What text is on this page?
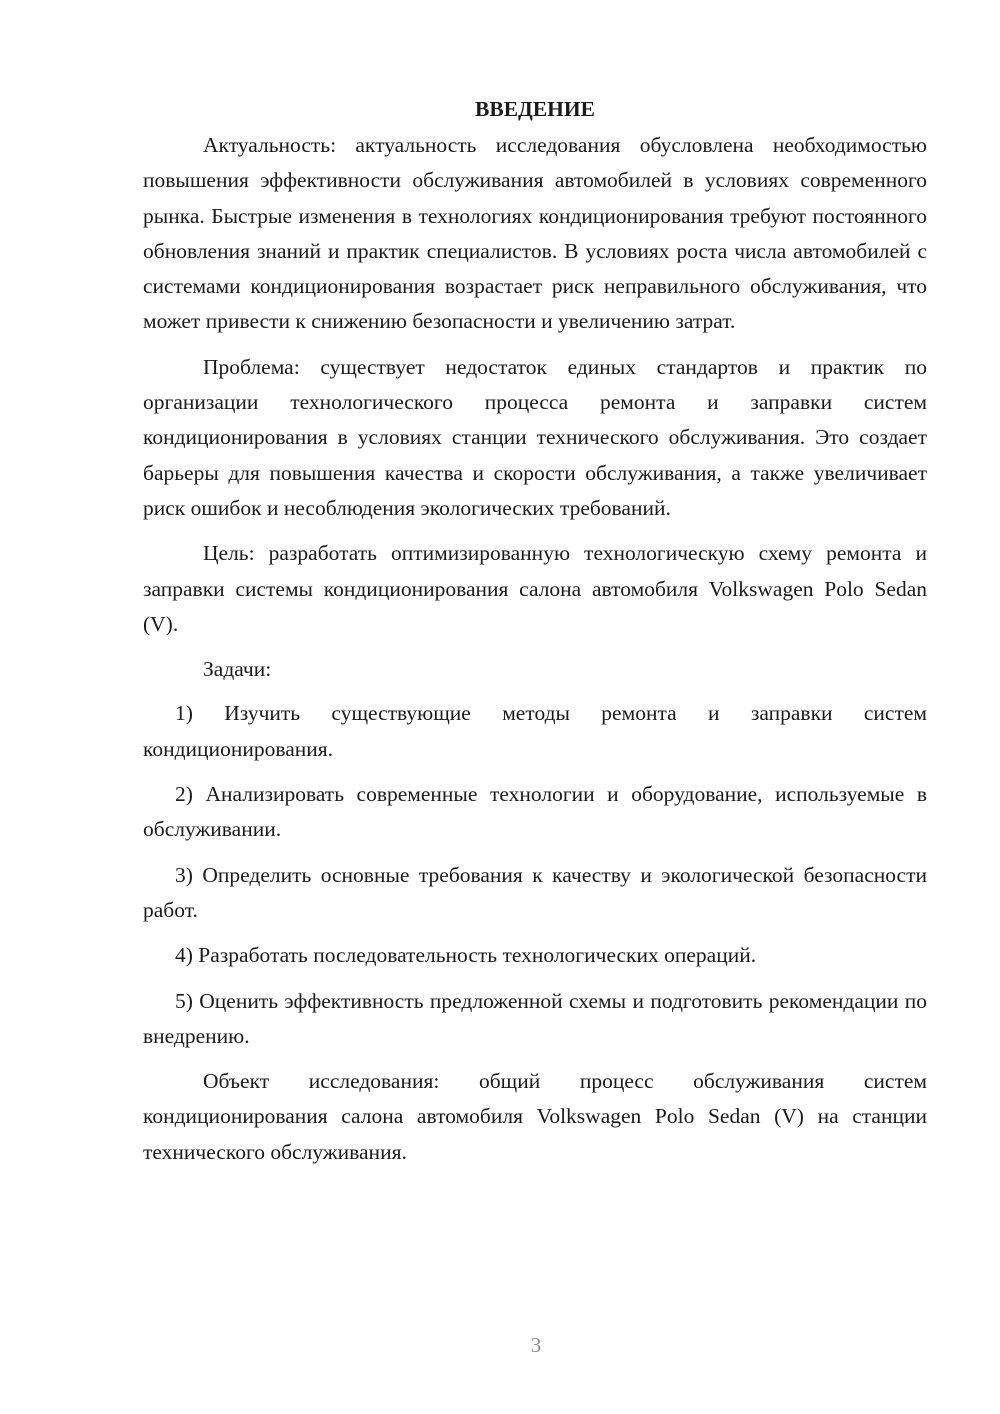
ВВЕДЕНИЕ

Актуальность: актуальность исследования обусловлена необходимостью повышения эффективности обслуживания автомобилей в условиях современного рынка. Быстрые изменения в технологиях кондиционирования требуют постоянного обновления знаний и практик специалистов. В условиях роста числа автомобилей с системами кондиционирования возрастает риск неправильного обслуживания, что может привести к снижению безопасности и увеличению затрат.

Проблема: существует недостаток единых стандартов и практик по организации технологического процесса ремонта и заправки систем кондиционирования в условиях станции технического обслуживания. Это создает барьеры для повышения качества и скорости обслуживания, а также увеличивает риск ошибок и несоблюдения экологических требований.

Цель: разработать оптимизированную технологическую схему ремонта и заправки системы кондиционирования салона автомобиля Volkswagen Polo Sedan (V).

Задачи:

1) Изучить существующие методы ремонта и заправки систем кондиционирования.

2) Анализировать современные технологии и оборудование, используемые в обслуживании.

3) Определить основные требования к качеству и экологической безопасности работ.

4) Разработать последовательность технологических операций.

5) Оценить эффективность предложенной схемы и подготовить рекомендации по внедрению.

Объект исследования: общий процесс обслуживания систем кондиционирования салона автомобиля Volkswagen Polo Sedan (V) на станции технического обслуживания.

3
